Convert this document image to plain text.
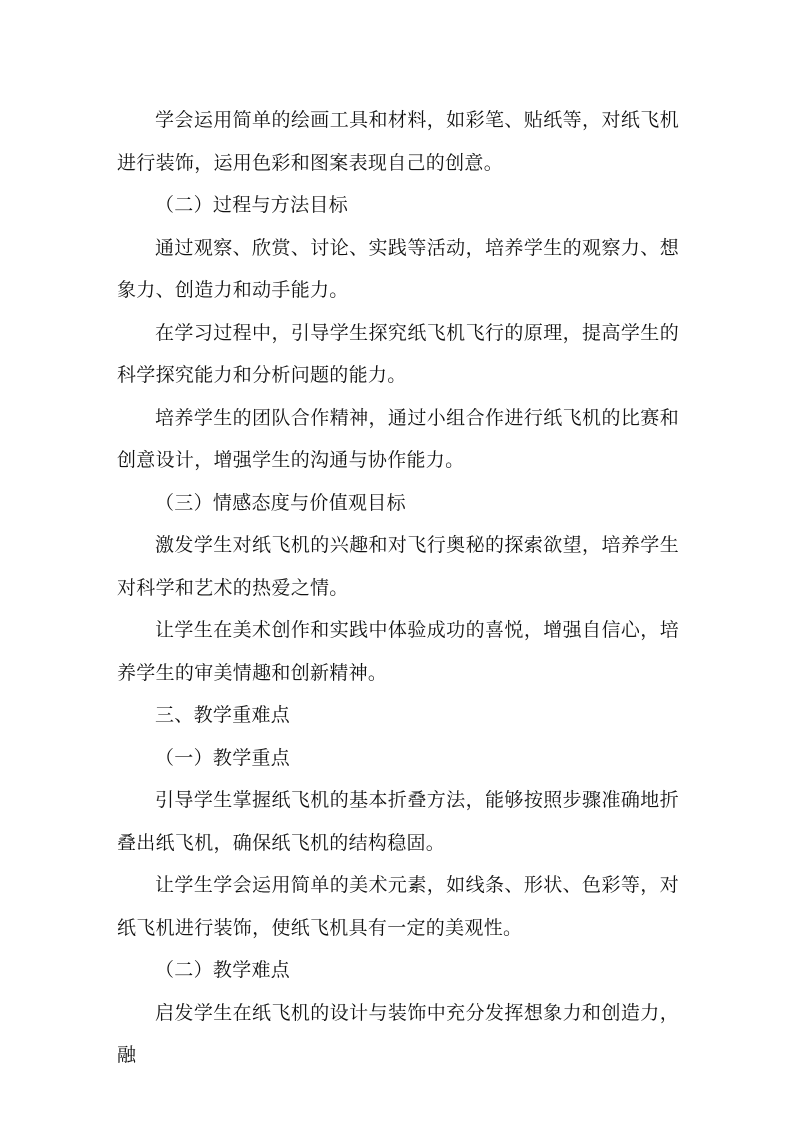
学会运用简单的绘画工具和材料，如彩笔、贴纸等，对纸飞机进行装饰，运用色彩和图案表现自己的创意。

（二）过程与方法目标

通过观察、欣赏、讨论、实践等活动，培养学生的观察力、想象力、创造力和动手能力。

在学习过程中，引导学生探究纸飞机飞行的原理，提高学生的科学探究能力和分析问题的能力。

培养学生的团队合作精神，通过小组合作进行纸飞机的比赛和创意设计，增强学生的沟通与协作能力。

（三）情感态度与价值观目标

激发学生对纸飞机的兴趣和对飞行奥秘的探索欲望，培养学生对科学和艺术的热爱之情。

让学生在美术创作和实践中体验成功的喜悦，增强自信心，培养学生的审美情趣和创新精神。

三、教学重难点

（一）教学重点

引导学生掌握纸飞机的基本折叠方法，能够按照步骤准确地折叠出纸飞机，确保纸飞机的结构稳固。

让学生学会运用简单的美术元素，如线条、形状、色彩等，对纸飞机进行装饰，使纸飞机具有一定的美观性。

（二）教学难点

启发学生在纸飞机的设计与装饰中充分发挥想象力和创造力，融
